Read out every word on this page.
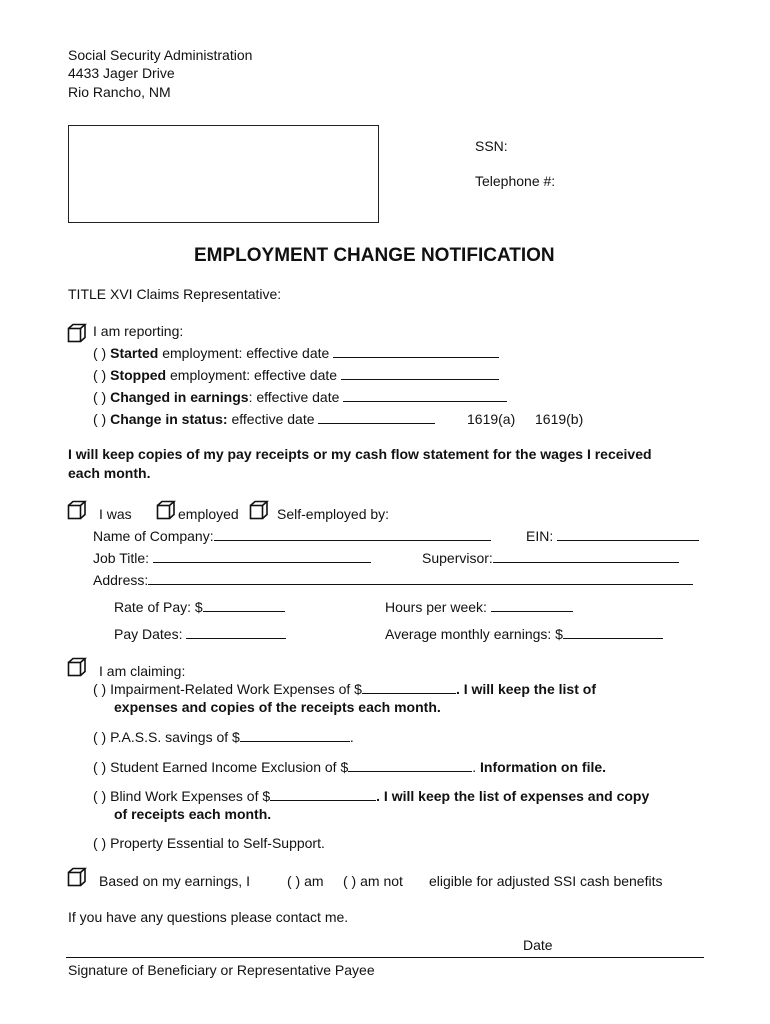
Social Security Administration
4433 Jager Drive
Rio Rancho, NM
SSN:
Telephone #:
EMPLOYMENT CHANGE NOTIFICATION
TITLE XVI Claims Representative:
I am reporting:
( ) Started employment: effective date
( ) Stopped employment: effective date
( ) Changed in earnings: effective date
( ) Change in status: effective date	1619(a) 1619(b)
I will keep copies of my pay receipts or my cash flow statement for the wages I received
each month.
I was	employed	Self-employed by:
Name of Company:	EIN:
Job Title:	Supervisor:
Address:
Rate of Pay: $	Hours per week:
Pay Dates:	Average monthly earnings: $
I am claiming:
( ) Impairment-Related Work Expenses of $	. I will keep the list of
expenses and copies of the receipts each month.
( ) P.A.S.S. savings of $	.
( ) Student Earned Income Exclusion of $	. Information on file.
( ) Blind Work Expenses of $	. I will keep the list of expenses and copy
of receipts each month.
( ) Property Essential to Self-Support.
Based on my earnings, I	( ) am ( ) am not eligible for adjusted SSI cash benefits
If you have any questions please contact me.
Date
Signature of Beneficiary or Representative Payee
